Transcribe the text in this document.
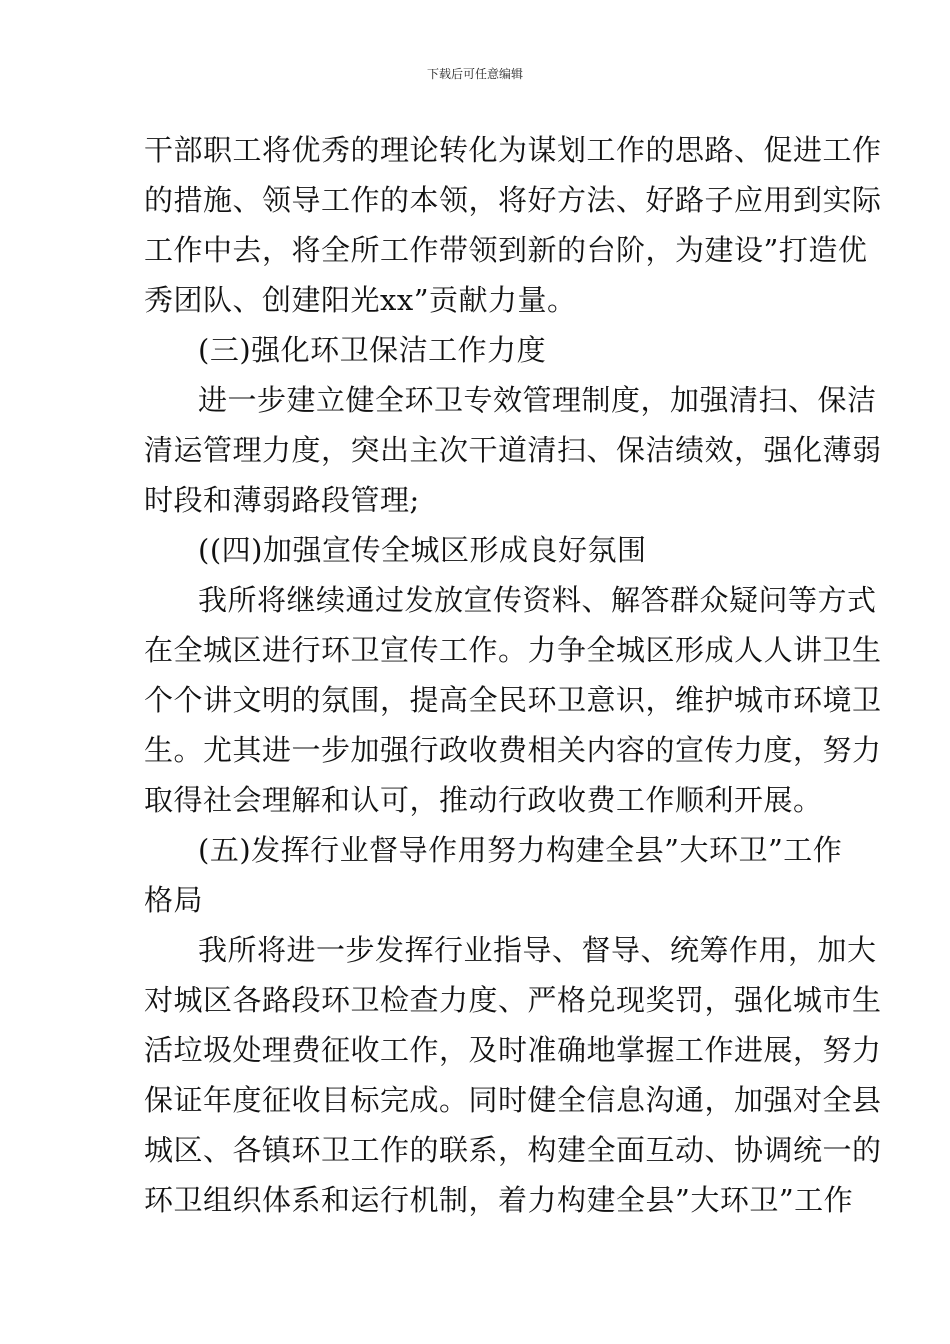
下载后可任意编辑
干部职工将优秀的理论转化为谋划工作的思路、促进工作
的措施、领导工作的本领，将好方法、好路子应用到实际
工作中去，将全所工作带领到新的台阶，为建设”打造优
秀团队、创建阳光xx”贡献力量。
(三)强化环卫保洁工作力度
进一步建立健全环卫专效管理制度，加强清扫、保洁
清运管理力度，突出主次干道清扫、保洁绩效，强化薄弱
时段和薄弱路段管理;
((四)加强宣传全城区形成良好氛围
我所将继续通过发放宣传资料、解答群众疑问等方式
在全城区进行环卫宣传工作。力争全城区形成人人讲卫生
个个讲文明的氛围，提高全民环卫意识，维护城市环境卫
生。尤其进一步加强行政收费相关内容的宣传力度，努力
取得社会理解和认可，推动行政收费工作顺利开展。
(五)发挥行业督导作用努力构建全县”大环卫”工作
格局
我所将进一步发挥行业指导、督导、统筹作用，加大
对城区各路段环卫检查力度、严格兑现奖罚，强化城市生
活垃圾处理费征收工作，及时准确地掌握工作进展，努力
保证年度征收目标完成。同时健全信息沟通，加强对全县
城区、各镇环卫工作的联系，构建全面互动、协调统一的
环卫组织体系和运行机制，着力构建全县”大环卫”工作
